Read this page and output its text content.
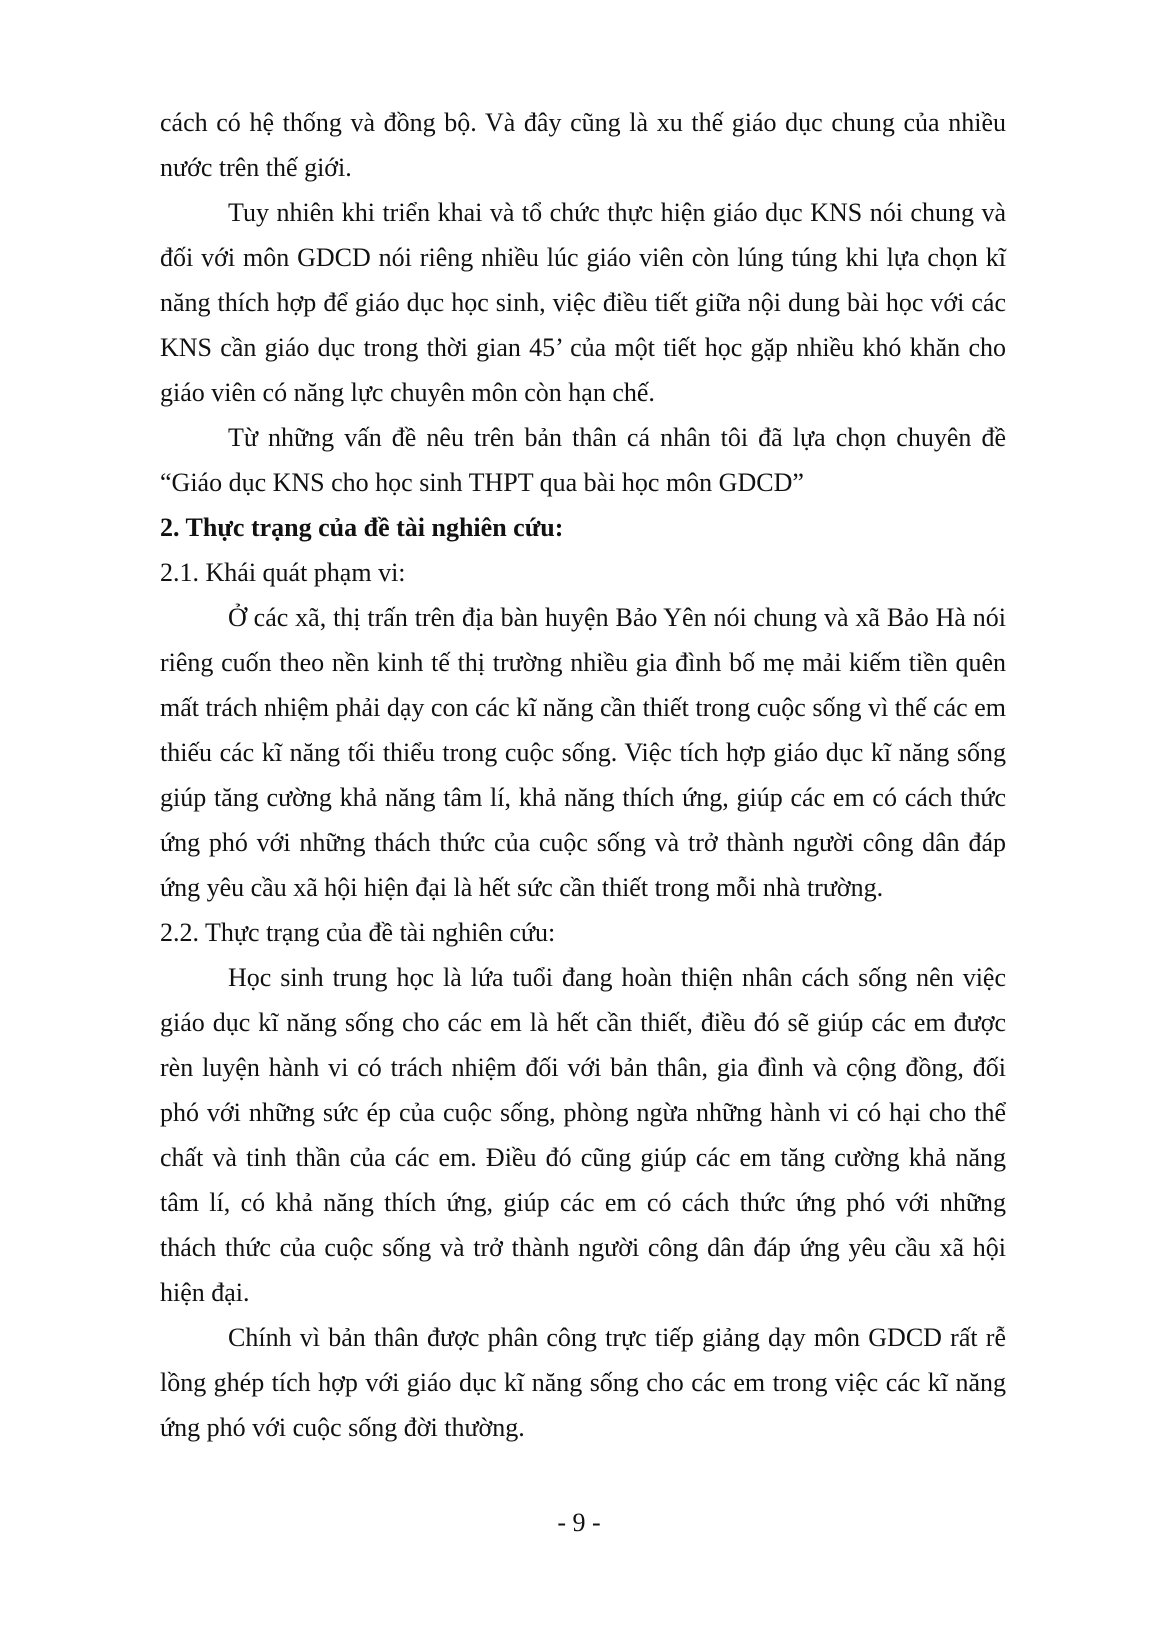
cách có hệ thống và đồng bộ. Và đây cũng là xu thế giáo dục chung của nhiều nước trên thế giới.

Tuy nhiên khi triển khai và tổ chức thực hiện giáo dục KNS nói chung và đối với môn GDCD nói riêng nhiều lúc giáo viên còn lúng túng khi lựa chọn kĩ năng thích hợp để giáo dục học sinh, việc điều tiết giữa nội dung bài học với các KNS cần giáo dục trong thời gian 45’ của một tiết học gặp nhiều khó khăn cho giáo viên có năng lực chuyên môn còn hạn chế.

Từ những vấn đề nêu trên bản thân cá nhân tôi đã lựa chọn chuyên đề “Giáo dục KNS cho học sinh THPT qua bài học môn GDCD”

2. Thực trạng của đề tài nghiên cứu:

2.1. Khái quát phạm vi:

Ở các xã, thị trấn trên địa bàn huyện Bảo Yên nói chung và xã Bảo Hà nói riêng cuốn theo nền kinh tế thị trường nhiều gia đình bố mẹ mải kiếm tiền quên mất trách nhiệm phải dạy con các kĩ năng cần thiết trong cuộc sống vì thế các em thiếu các kĩ năng tối thiểu trong cuộc sống. Việc tích hợp giáo dục kĩ năng sống giúp tăng cường khả năng tâm lí, khả năng thích ứng, giúp các em có cách thức ứng phó với những thách thức của cuộc sống và trở thành người công dân đáp ứng yêu cầu xã hội hiện đại là hết sức cần thiết trong mỗi nhà trường.

2.2. Thực trạng của đề tài nghiên cứu:

Học sinh trung học là lứa tuổi đang hoàn thiện nhân cách sống nên việc giáo dục kĩ năng sống cho các em là hết cần thiết, điều đó sẽ giúp các em được rèn luyện hành vi có trách nhiệm đối với bản thân, gia đình và cộng đồng, đối phó với những sức ép của cuộc sống, phòng ngừa những hành vi có hại cho thể chất và tinh thần của các em. Điều đó cũng giúp các em tăng cường khả năng tâm lí, có khả năng thích ứng, giúp các em có cách thức ứng phó với những thách thức của cuộc sống và trở thành người công dân đáp ứng yêu cầu xã hội hiện đại.

Chính vì bản thân được phân công trực tiếp giảng dạy môn GDCD rất rễ lồng ghép tích hợp với giáo dục kĩ năng sống cho các em trong việc các kĩ năng ứng phó với cuộc sống đời thường.

- 9 -
